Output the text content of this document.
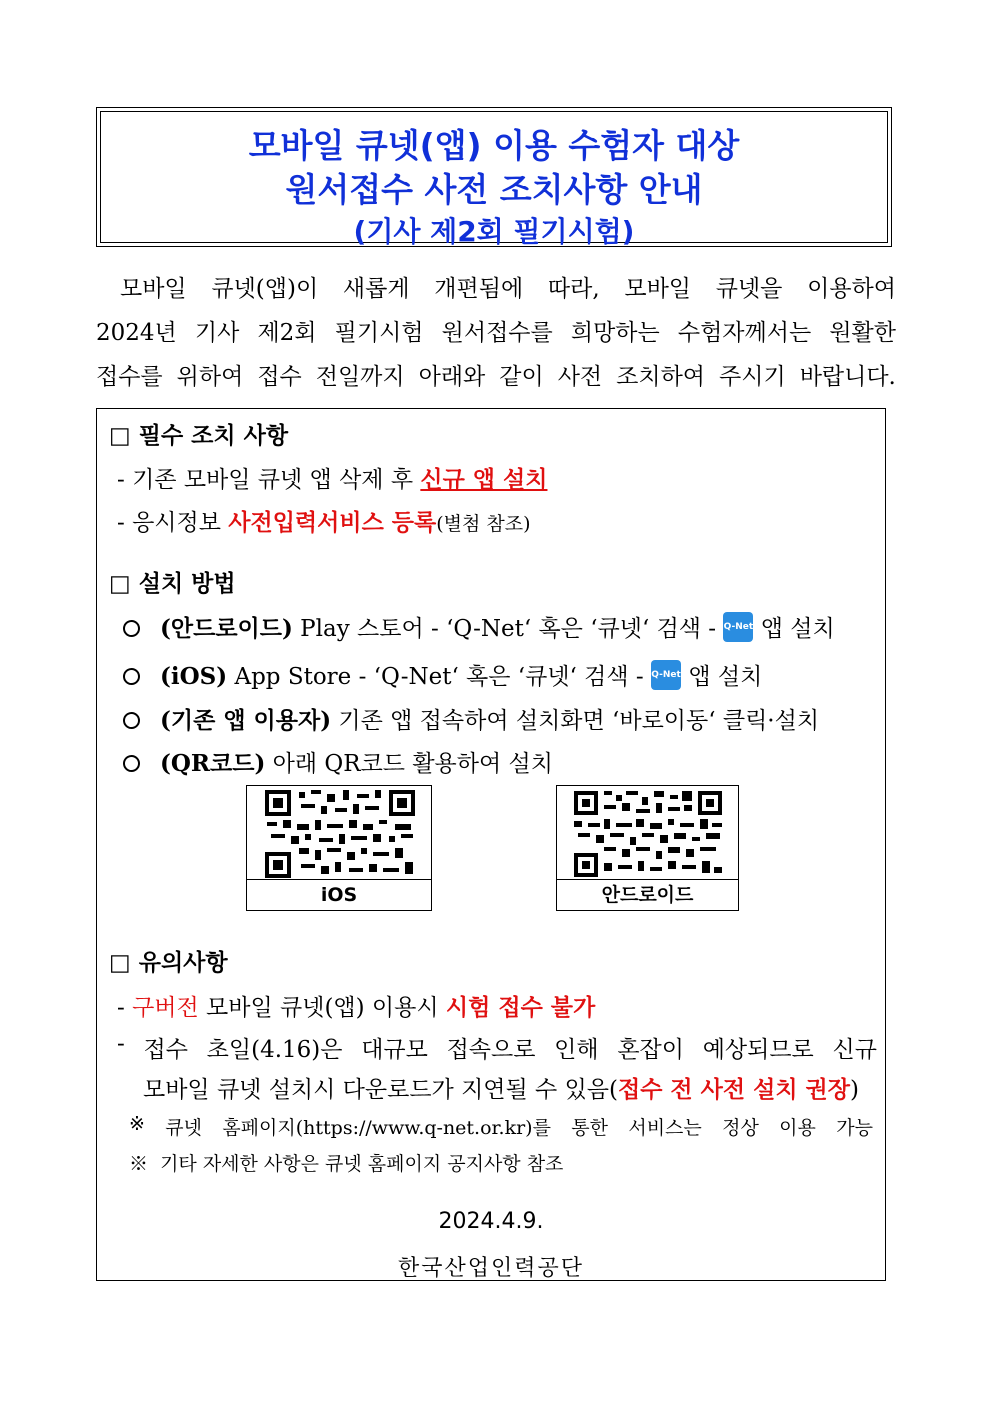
모바일 큐넷(앱) 이용 수험자 대상
원서접수 사전 조치사항 안내
(기사 제2회 필기시험)
모바일 큐넷(앱)이 새롭게 개편됨에 따라, 모바일 큐넷을 이용하여
2024년 기사 제2회 필기시험 원서접수를 희망하는 수험자께서는 원활한
접수를 위하여 접수 전일까지 아래와 같이 사전 조치하여 주시기 바랍니다.
□ 필수 조치 사항
- 기존 모바일 큐넷 앱 삭제 후 신규 앱 설치
- 응시정보 사전입력서비스 등록(별첨 참조)
□ 설치 방법
(안드로이드) Play 스토어 - ‘Q-Net‘ 혹은 ‘큐넷‘ 검색 - Q-Net 앱 설치
(iOS) App Store - ‘Q-Net‘ 혹은 ‘큐넷‘ 검색 - Q-Net 앱 설치
(기존 앱 이용자) 기존 앱 접속하여 설치화면 ‘바로이동‘ 클릭·설치
(QR코드) 아래 QR코드 활용하여 설치
iOS	안드로이드
□ 유의사항
- 구버전 모바일 큐넷(앱) 이용시 시험 접수 불가
- 접수 초일(4.16)은 대규모 접속으로 인해 혼잡이 예상되므로 신규
모바일 큐넷 설치시 다운로드가 지연될 수 있음(접수 전 사전 설치 권장)
※ 큐넷 홈페이지(https://www.q-net.or.kr)를 통한 서비스는 정상 이용 가능
※  기타 자세한 사항은 큐넷 홈페이지 공지사항 참조
2024.4.9.
한국산업인력공단
